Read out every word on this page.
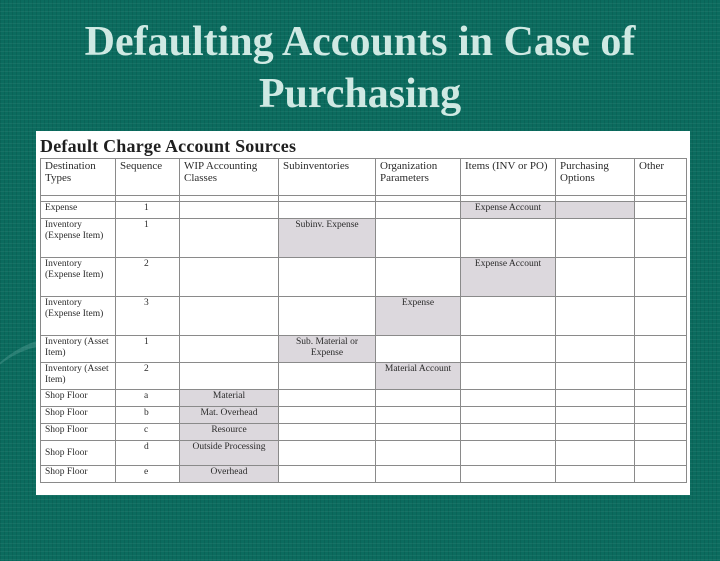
Defaulting Accounts in Case of
Purchasing
Default Charge Account Sources
Destination Types	Sequence	WIP Accounting Classes	Subinventories	Organization Parameters	Items (INV or PO)	Purchasing Options	Other

Expense	1				Expense Account		
Inventory (Expense Item)	1		Subinv. Expense				
Inventory (Expense Item)	2				Expense Account		
Inventory (Expense Item)	3			Expense			
Inventory (Asset Item)	1		Sub. Material or Expense				
Inventory (Asset Item)	2			Material Account			
Shop Floor	a	Material					
Shop Floor	b	Mat. Overhead					
Shop Floor	c	Resource					
Shop Floor	d	Outside Processing					
Shop Floor	e	Overhead					
